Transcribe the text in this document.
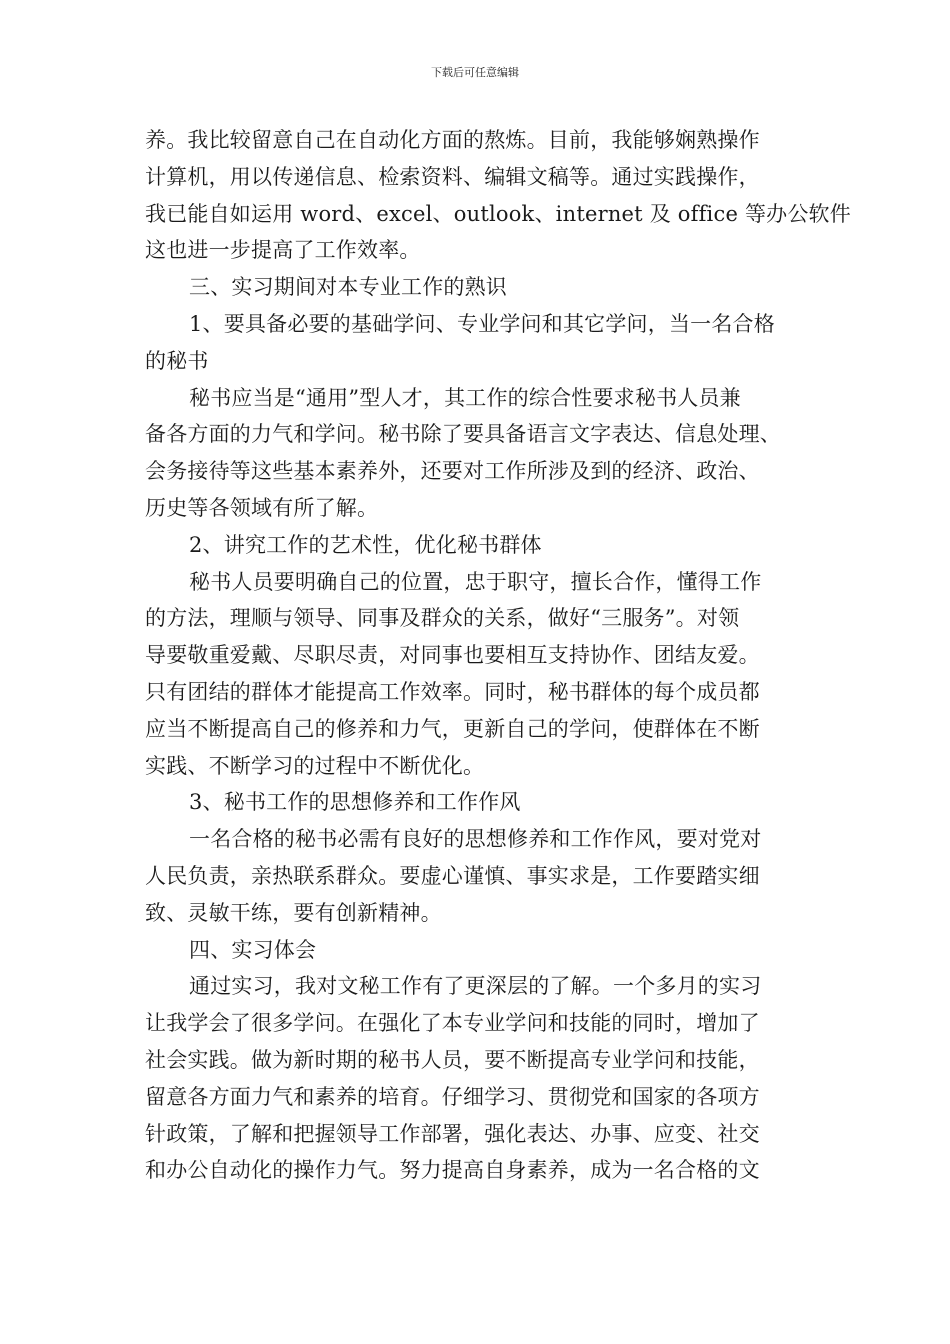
下载后可任意编辑
养。我比较留意自己在自动化方面的熬炼。目前，我能够娴熟操作
计算机，用以传递信息、检索资料、编辑文稿等。通过实践操作，
我已能自如运用 word、excel、outlook、internet 及 office 等办公软件
这也进一步提高了工作效率。
三、实习期间对本专业工作的熟识
1、要具备必要的基础学问、专业学问和其它学问，当一名合格
的秘书
秘书应当是“通用”型人才，其工作的综合性要求秘书人员兼
备各方面的力气和学问。秘书除了要具备语言文字表达、信息处理、
会务接待等这些基本素养外，还要对工作所涉及到的经济、政治、
历史等各领域有所了解。
2、讲究工作的艺术性，优化秘书群体
秘书人员要明确自己的位置，忠于职守，擅长合作，懂得工作
的方法，理顺与领导、同事及群众的关系，做好“三服务”。对领
导要敬重爱戴、尽职尽责，对同事也要相互支持协作、团结友爱。
只有团结的群体才能提高工作效率。同时，秘书群体的每个成员都
应当不断提高自己的修养和力气，更新自己的学问，使群体在不断
实践、不断学习的过程中不断优化。
3、秘书工作的思想修养和工作作风
一名合格的秘书必需有良好的思想修养和工作作风，要对党对
人民负责，亲热联系群众。要虚心谨慎、事实求是，工作要踏实细
致、灵敏干练，要有创新精神。
四、实习体会
通过实习，我对文秘工作有了更深层的了解。一个多月的实习
让我学会了很多学问。在强化了本专业学问和技能的同时，增加了
社会实践。做为新时期的秘书人员，要不断提高专业学问和技能，
留意各方面力气和素养的培育。仔细学习、贯彻党和国家的各项方
针政策，了解和把握领导工作部署，强化表达、办事、应变、社交
和办公自动化的操作力气。努力提高自身素养，成为一名合格的文
